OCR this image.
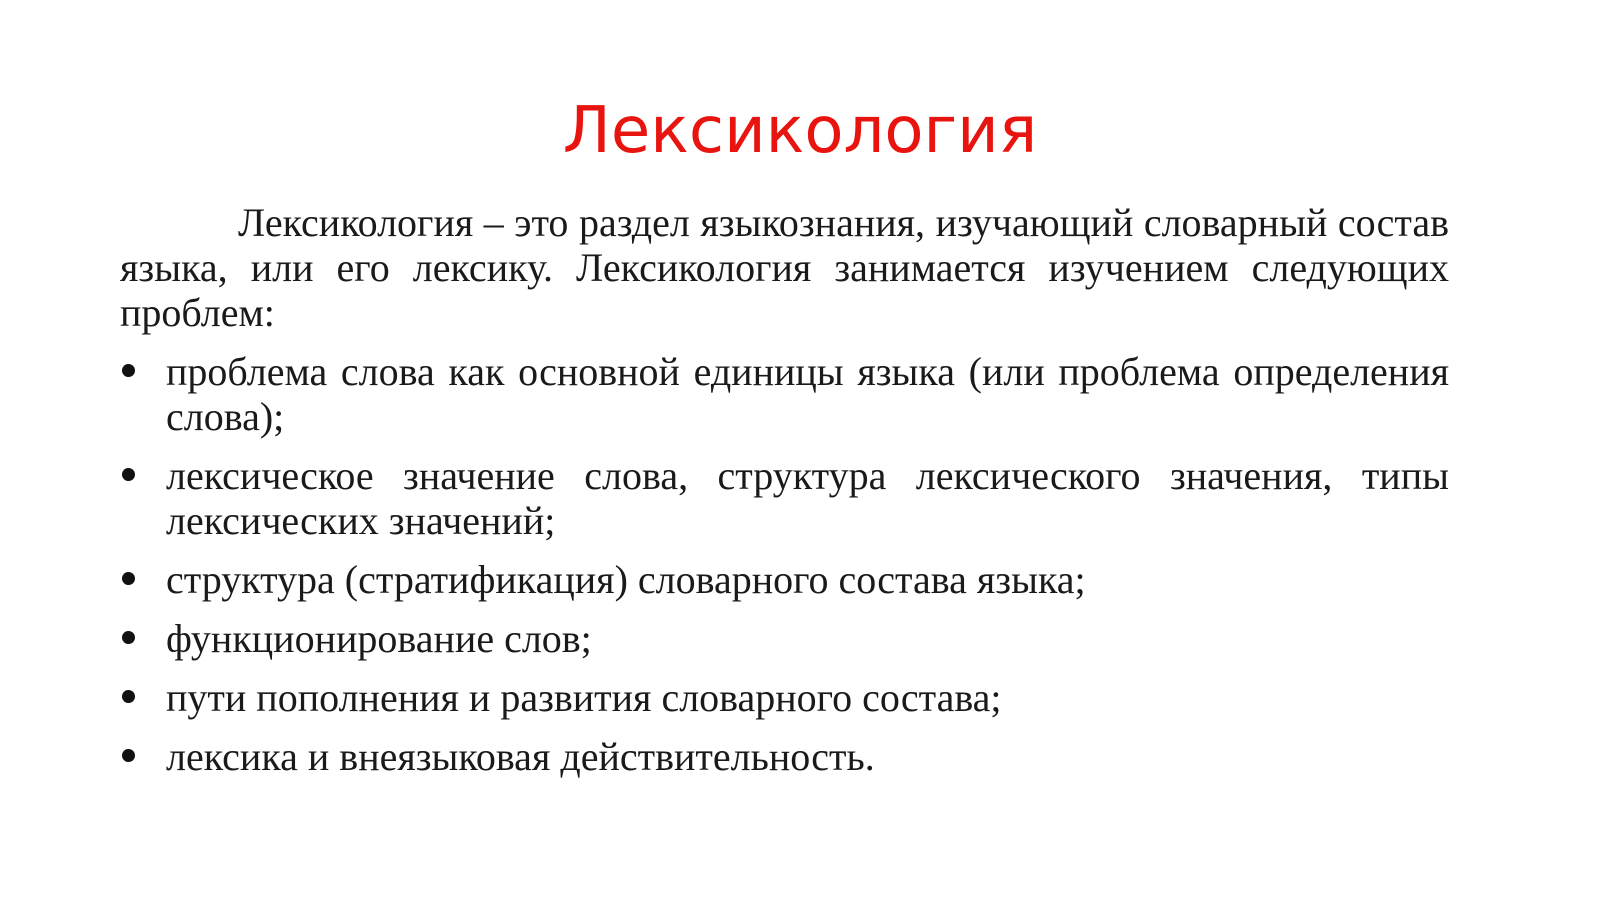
Лексикология

Лексикология – это раздел языкознания, изучающий словарный состав языка, или его лексику. Лексикология занимается изучением следующих проблем:

проблема слова как основной единицы языка (или проблема определения слова);
лексическое значение слова, структура лексического значения, типы лексических значений;
структура (стратификация) словарного состава языка;
функционирование слов;
пути пополнения и развития словарного состава;
лексика и внеязыковая действительность.
